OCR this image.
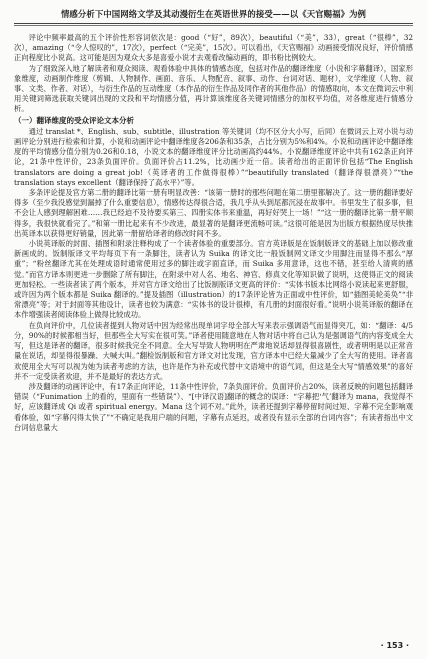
情感分析下中国网络文学及其动漫衍生在英语世界的接受——以《天官赐福》为例

评论中频率最高的五个评价性形容词依次是：good（“好”，89次），beautiful（“美”，33），great（“很棒”，32次），amazing（“令人惊叹的”，17次），perfect（“完美”，15次）。可以看出，《天官赐福》动画接受情况良好，评价情感正向程度比小说高。这可能是因为观众大多是喜爱小说才去观看改编动画的，即书粉比例较大。

为了细致深入地了解读者和观众阅读、观看体验中具体的情感态度，包括对作品的翻译维度（小说和字幕翻译），国家形象维度，动画制作维度（剪辑、人物制作、画面、音乐、人物配音、叙事、动作、台词对话、题材），文学维度（人物、叙事、文类、作者、对话），与衍生作品的互动维度（本作品的衍生作品及同作者的其他作品）的情感取向，本文在微词云中利用关键词筛选获取关键词出现的文段和平均情感分值，再计算该维度各关键词情感分的加权平均值，对各维度进行情感分析。

（一）翻译维度的受众评论文本分析

通过 translat *、English、sub、subtitle、illustration 等关键词（均不区分大小写，后同）在微词云上对小说与动画评论分别进行检索和计算，小说和动画评论中翻译维度各206条和35条，占比分别为5%和4%。小说和动画评论中翻译维度的平均情感分值分别为0.26和0.18，小说文本的翻译维度评分比动画高约44%。小说翻译维度评论中共有162条正向评论，21条中性评价，23条负面评价。负面评价占11.2%，比动画少近一倍。读者给出的正面评价包括“The English translators are doing a great job!（英译者的工作做得很棒）”“beautifully translated（翻译得很漂亮）”“the translation stays excellent（翻译保持了高水平）”等。

多条评论提及官方第二册的翻译比第一册有明显改善：“该第一册时的那些问题在第二册里都解决了。这一册的翻译要好得多（至少我没感觉到漏掉了什么重要信息），情感传达得很合适，我几乎从头到尾都沉浸在故事中。书里发生了很多事，但不会让人感到理解困难……我已经迫不及待要买第三、四册实体书来重温，再好好哭上一场！”“这一册的翻译比第一册平顺得多，我很快就看完了。”和第一册比起来有不少改进，最显著的是翻译更流畅可读。”这很可能是因为出版方根据热度尽快推出英译本以获得更好销量，因此第一册留给译者的修改时间不多。

小说英译版的封面、插图和附录注释构成了一个读者体验的重要部分。官方英译版是在饭制版译文的基础上加以修改重新画成的。饭制版译文平均每页下有一条脚注，读者认为 Suika 的译文比一般饭制网文译文少用脚注而显得不那么“厚重”；“粉丝翻译尤其在处理成语时通常使用过多的脚注或字面直译，而 Suika 多用意译，这也不错，甚至给人清爽的感觉。”而官方译本则更进一步删除了所有脚注，在附录中对人名、地名、神官、修真文化等知识做了说明，这使得正文的阅读更加轻松。一些读者读了两个版本，并对官方译文给出了比饭制版译文更高的评价：“实体书版本比网络小说读起来更舒服，或许因为两个版本都是 Suika 翻译的。”提及插图（illustration）的17条评论皆为正面或中性评价，如“插图美轮美奂”“非常漂亮”等；对于封面等其他设计，读者也较为满意：“实体书的设计很棒，有几册的封面很好看。”说明小说英译版的翻译在本作增强读者阅读体验上做得比较成功。

在负向评价中，几位读者提到人物对话中因为经常出现单词字母全部大写来表示强调语气而显得突兀，如：“翻译：4/5 分，90%的时候都相当好，但那些全大写实在很可笑。”译者使用随意地在人物对话中将自己认为是强调语气的内容变成全大写，但这是译者的翻译，很多时候我完全不同意。全大写导致人物明明在严肃地说话却显得很喜剧性，或者明明是以正常音量在说话，却显得很暴躁、大喊大叫。”翻检饭制版和官方译文对比发现，官方译本中已经大量减少了全大写的使用。译者喜欢使用全大写可以视为她为读者考虑的方法，也许是作为补充或代替中文语境中的语气词，但这是全大写“情感效果”的喜好并不一定受读者欢迎，并不是最好的表达方式。

涉及翻译的动画评论中，有17条正向评论，11条中性评价，7条负面评价。负面评价占20%，读者反映的问题包括翻译错误（“Funimation 上的看的，里面有一些错误”）、“[中译汉语]翻译的概念的误译：“字幕把‘气’翻译为 mana，我觉得不好，应该翻译成 Qi 或者 spiritual energy。Mana 这个词不对。”此外，读者还提到字幕停留时间过短、字幕不完全影响观看体验，如“字幕闪得太快了”“不确定是我用户端的问题，字幕有点延迟，或者没有显示全部的台词内容”；有读者指出中文台词信息量大

· 153 ·
